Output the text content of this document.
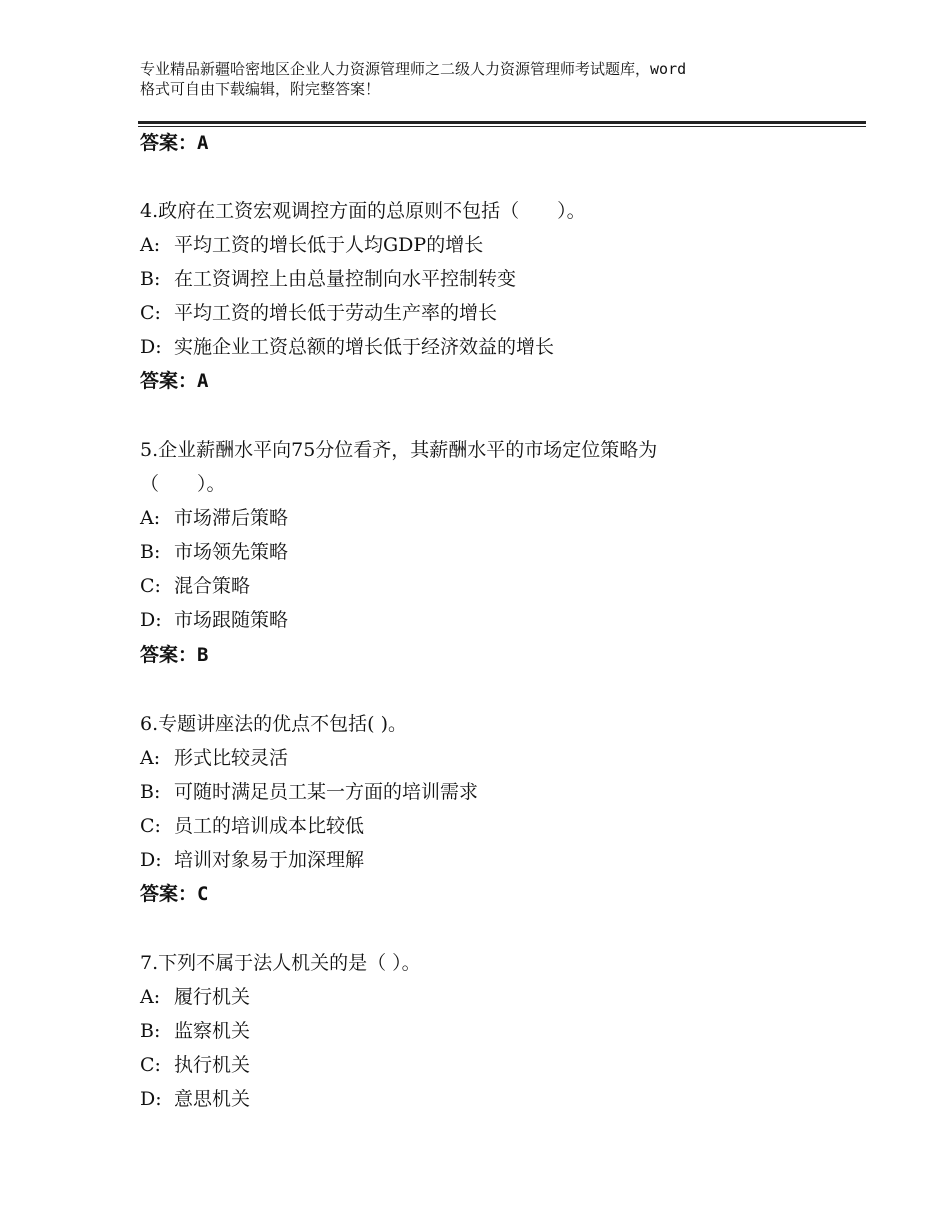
专业精品新疆哈密地区企业人力资源管理师之二级人力资源管理师考试题库，word
格式可自由下载编辑，附完整答案！
答案：A
4.政府在工资宏观调控方面的总原则不包括（　　）。
A: 平均工资的增长低于人均GDP的增长
B: 在工资调控上由总量控制向水平控制转变
C: 平均工资的增长低于劳动生产率的增长
D: 实施企业工资总额的增长低于经济效益的增长
答案：A
5.企业薪酬水平向75分位看齐，其薪酬水平的市场定位策略为
（　　）。
A: 市场滞后策略
B: 市场领先策略
C: 混合策略
D: 市场跟随策略
答案：B
6.专题讲座法的优点不包括( )。
A: 形式比较灵活
B: 可随时满足员工某一方面的培训需求
C: 员工的培训成本比较低
D: 培训对象易于加深理解
答案：C
7.下列不属于法人机关的是（ ）。
A: 履行机关
B: 监察机关
C: 执行机关
D: 意思机关
